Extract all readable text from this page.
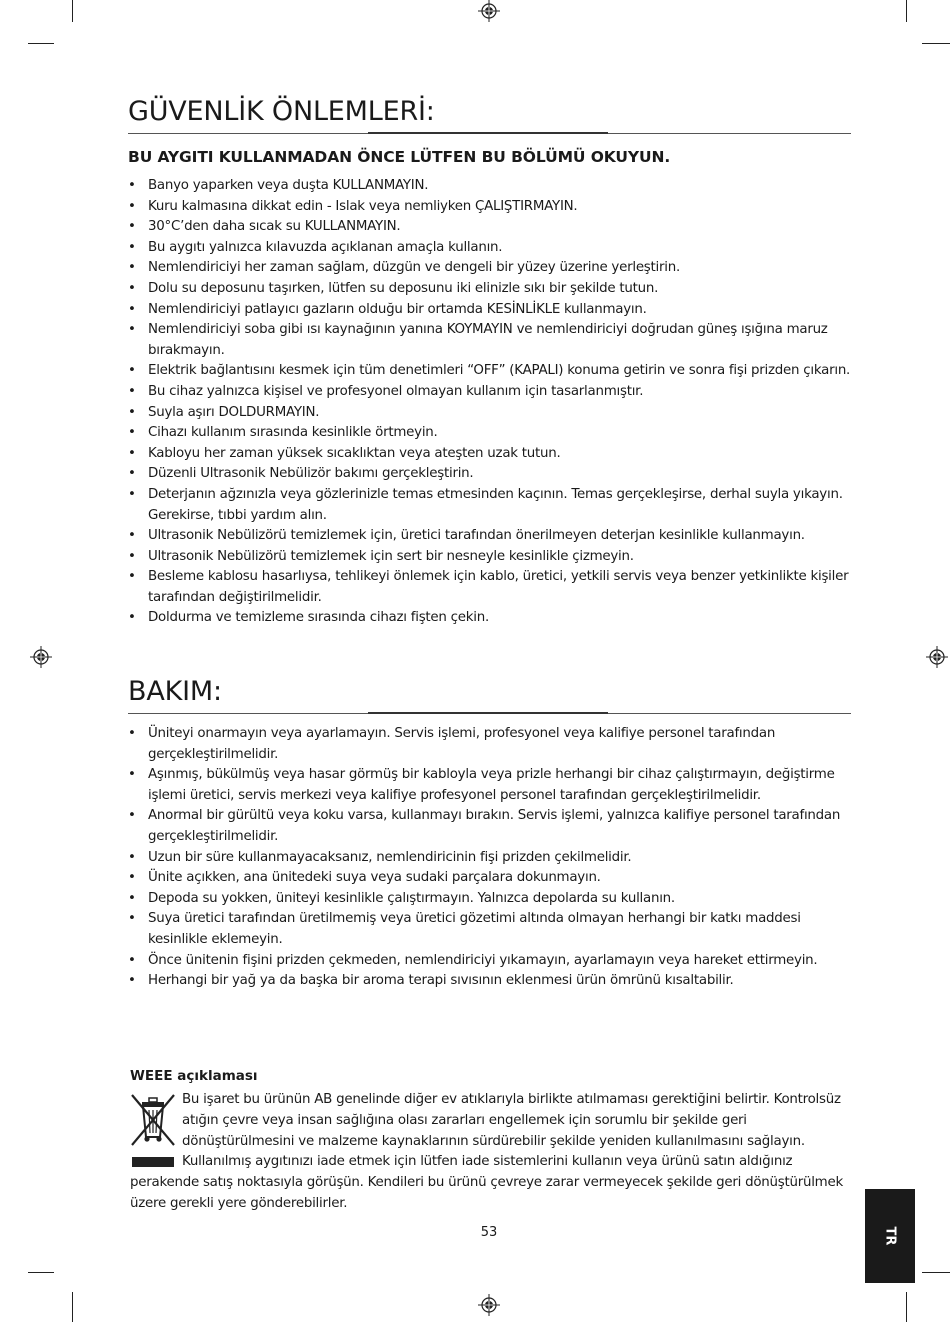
GÜVENLİK ÖNLEMLERİ:
BU AYGITI KULLANMADAN ÖNCE LÜTFEN BU BÖLÜMÜ OKUYUN.
• Banyo yaparken veya duşta KULLANMAYIN.
• Kuru kalmasına dikkat edin - Islak veya nemliyken ÇALIŞTIRMAYIN.
• 30°C’den daha sıcak su KULLANMAYIN.
• Bu aygıtı yalnızca kılavuzda açıklanan amaçla kullanın.
• Nemlendiriciyi her zaman sağlam, düzgün ve dengeli bir yüzey üzerine yerleştirin.
• Dolu su deposunu taşırken, lütfen su deposunu iki elinizle sıkı bir şekilde tutun.
• Nemlendiriciyi patlayıcı gazların olduğu bir ortamda KESİNLİKLE kullanmayın.
• Nemlendiriciyi soba gibi ısı kaynağının yanına KOYMAYIN ve nemlendiriciyi doğrudan güneş ışığına maruz bırakmayın.
• Elektrik bağlantısını kesmek için tüm denetimleri “OFF” (KAPALI) konuma getirin ve sonra fişi prizden çıkarın.
• Bu cihaz yalnızca kişisel ve profesyonel olmayan kullanım için tasarlanmıştır.
• Suyla aşırı DOLDURMAYIN.
• Cihazı kullanım sırasında kesinlikle örtmeyin.
• Kabloyu her zaman yüksek sıcaklıktan veya ateşten uzak tutun.
• Düzenli Ultrasonik Nebülizör bakımı gerçekleştirin.
• Deterjanın ağzınızla veya gözlerinizle temas etmesinden kaçının. Temas gerçekleşirse, derhal suyla yıkayın. Gerekirse, tıbbi yardım alın.
• Ultrasonik Nebülizörü temizlemek için, üretici tarafından önerilmeyen deterjan kesinlikle kullanmayın.
• Ultrasonik Nebülizörü temizlemek için sert bir nesneyle kesinlikle çizmeyin.
• Besleme kablosu hasarlıysa, tehlikeyi önlemek için kablo, üretici, yetkili servis veya benzer yetkinlikte kişiler tarafından değiştirilmelidir.
• Doldurma ve temizleme sırasında cihazı fişten çekin.
BAKIM:
• Üniteyi onarmayın veya ayarlamayın. Servis işlemi, profesyonel veya kalifiye personel tarafından gerçekleştirilmelidir.
• Aşınmış, bükülmüş veya hasar görmüş bir kabloyla veya prizle herhangi bir cihaz çalıştırmayın, değiştirme işlemi üretici, servis merkezi veya kalifiye profesyonel personel tarafından gerçekleştirilmelidir.
• Anormal bir gürültü veya koku varsa, kullanmayı bırakın. Servis işlemi, yalnızca kalifiye personel tarafından gerçekleştirilmelidir.
• Uzun bir süre kullanmayacaksanız, nemlendiricinin fişi prizden çekilmelidir.
• Ünite açıkken, ana ünitedeki suya veya sudaki parçalara dokunmayın.
• Depoda su yokken, üniteyi kesinlikle çalıştırmayın. Yalnızca depolarda su kullanın.
• Suya üretici tarafından üretilmemiş veya üretici gözetimi altında olmayan herhangi bir katkı maddesi kesinlikle eklemeyin.
• Önce ünitenin fişini prizden çekmeden, nemlendiriciyi yıkamayın, ayarlamayın veya hareket ettirmeyin.
• Herhangi bir yağ ya da başka bir aroma terapi sıvısının eklenmesi ürün ömrünü kısaltabilir.
WEEE açıklaması

Bu işaret bu ürünün AB genelinde diğer ev atıklarıyla birlikte atılmaması gerektiğini belirtir. Kontrolsüz atığın çevre veya insan sağlığına olası zararları engellemek için sorumlu bir şekilde geri dönüştürülmesini ve malzeme kaynaklarının sürdürebilir şekilde yeniden kullanılmasını sağlayın. Kullanılmış aygıtınızı iade etmek için lütfen iade sistemlerini kullanın veya ürünü satın aldığınız perakende satış noktasıyla görüşün. Kendileri bu ürünü çevreye zarar vermeyecek şekilde geri dönüştürülmek üzere gerekli yere gönderebilirler.

53	TR
